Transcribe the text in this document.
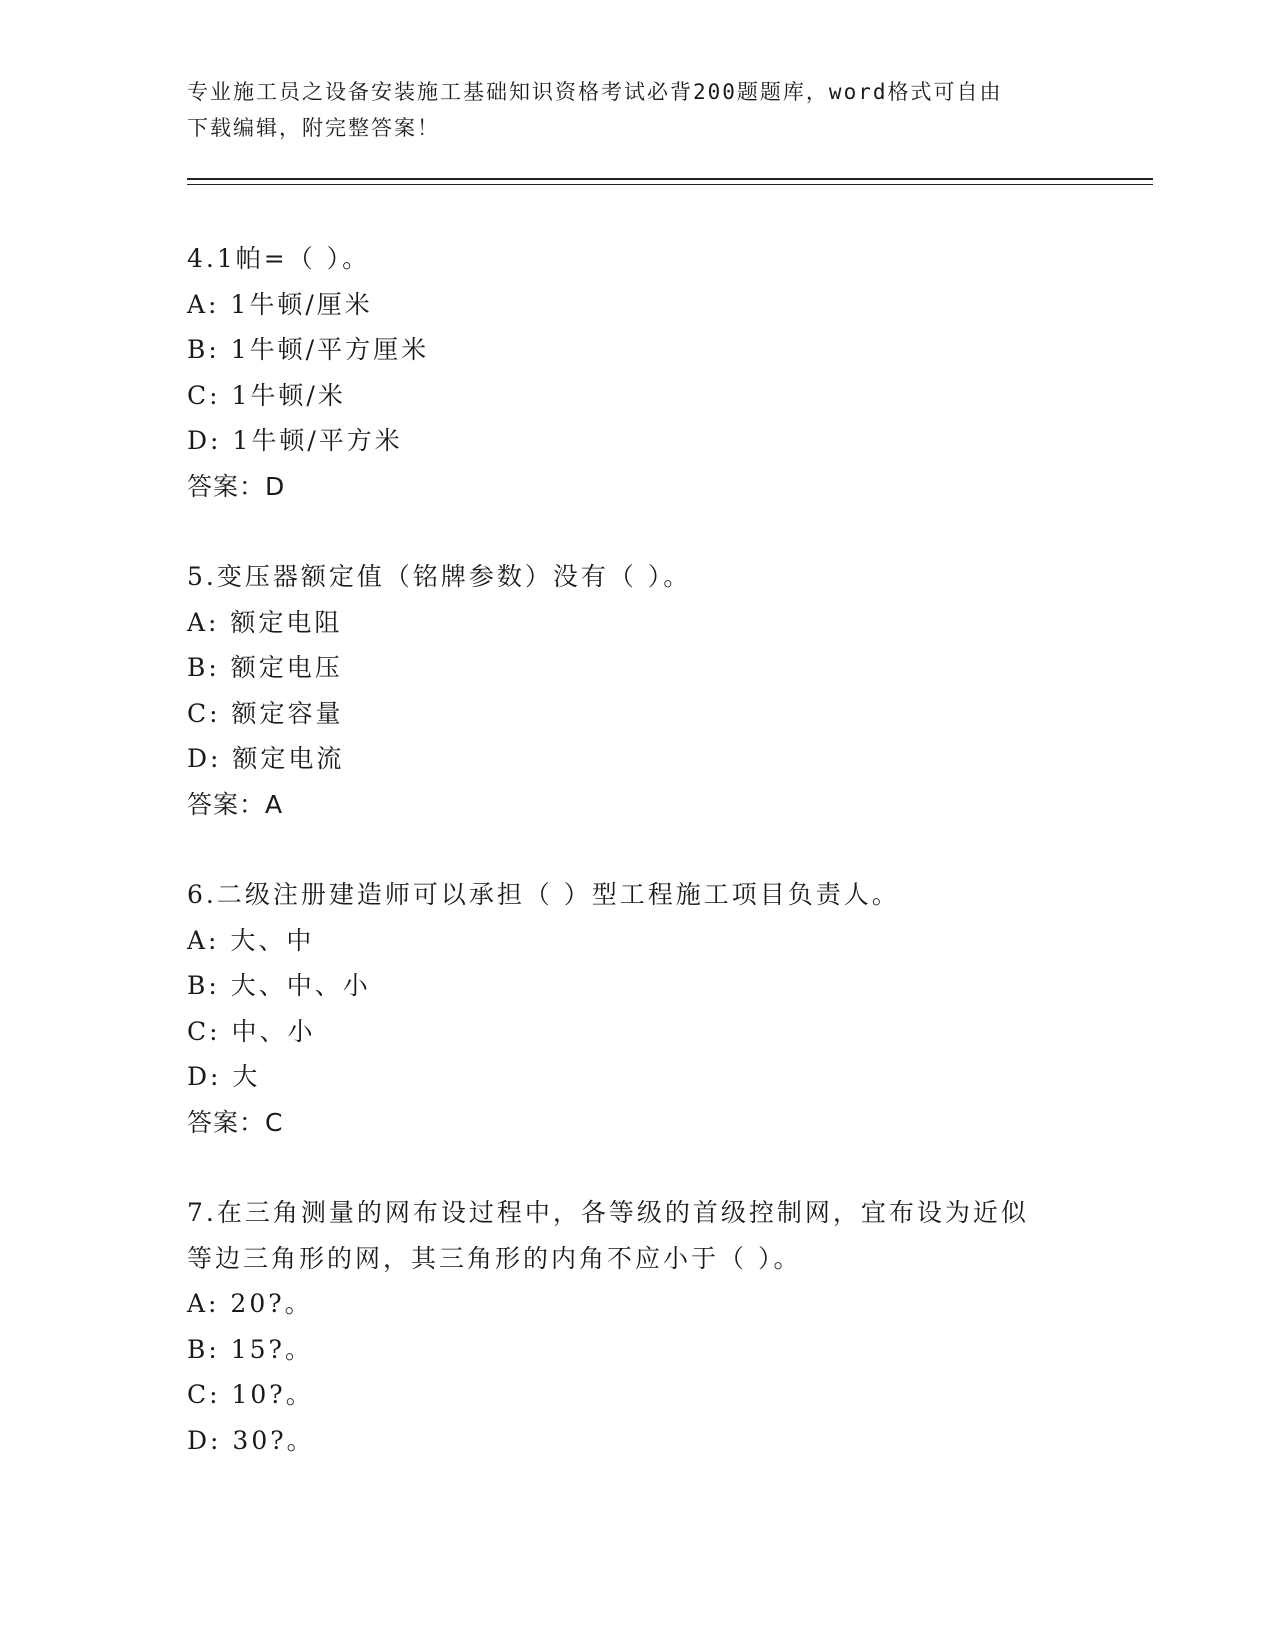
专业施工员之设备安装施工基础知识资格考试必背200题题库，word格式可自由
下载编辑，附完整答案！
4.1帕=（ ）。
A: 1牛顿/厘米
B: 1牛顿/平方厘米
C: 1牛顿/米
D: 1牛顿/平方米
答案：D
5.变压器额定值（铭牌参数）没有（ ）。
A: 额定电阻
B: 额定电压
C: 额定容量
D: 额定电流
答案：A
6.二级注册建造师可以承担（ ）型工程施工项目负责人。
A: 大、中
B: 大、中、小
C: 中、小
D: 大
答案：C
7.在三角测量的网布设过程中，各等级的首级控制网，宜布设为近似
等边三角形的网，其三角形的内角不应小于（ ）。
A: 20?。
B: 15?。
C: 10?。
D: 30?。
